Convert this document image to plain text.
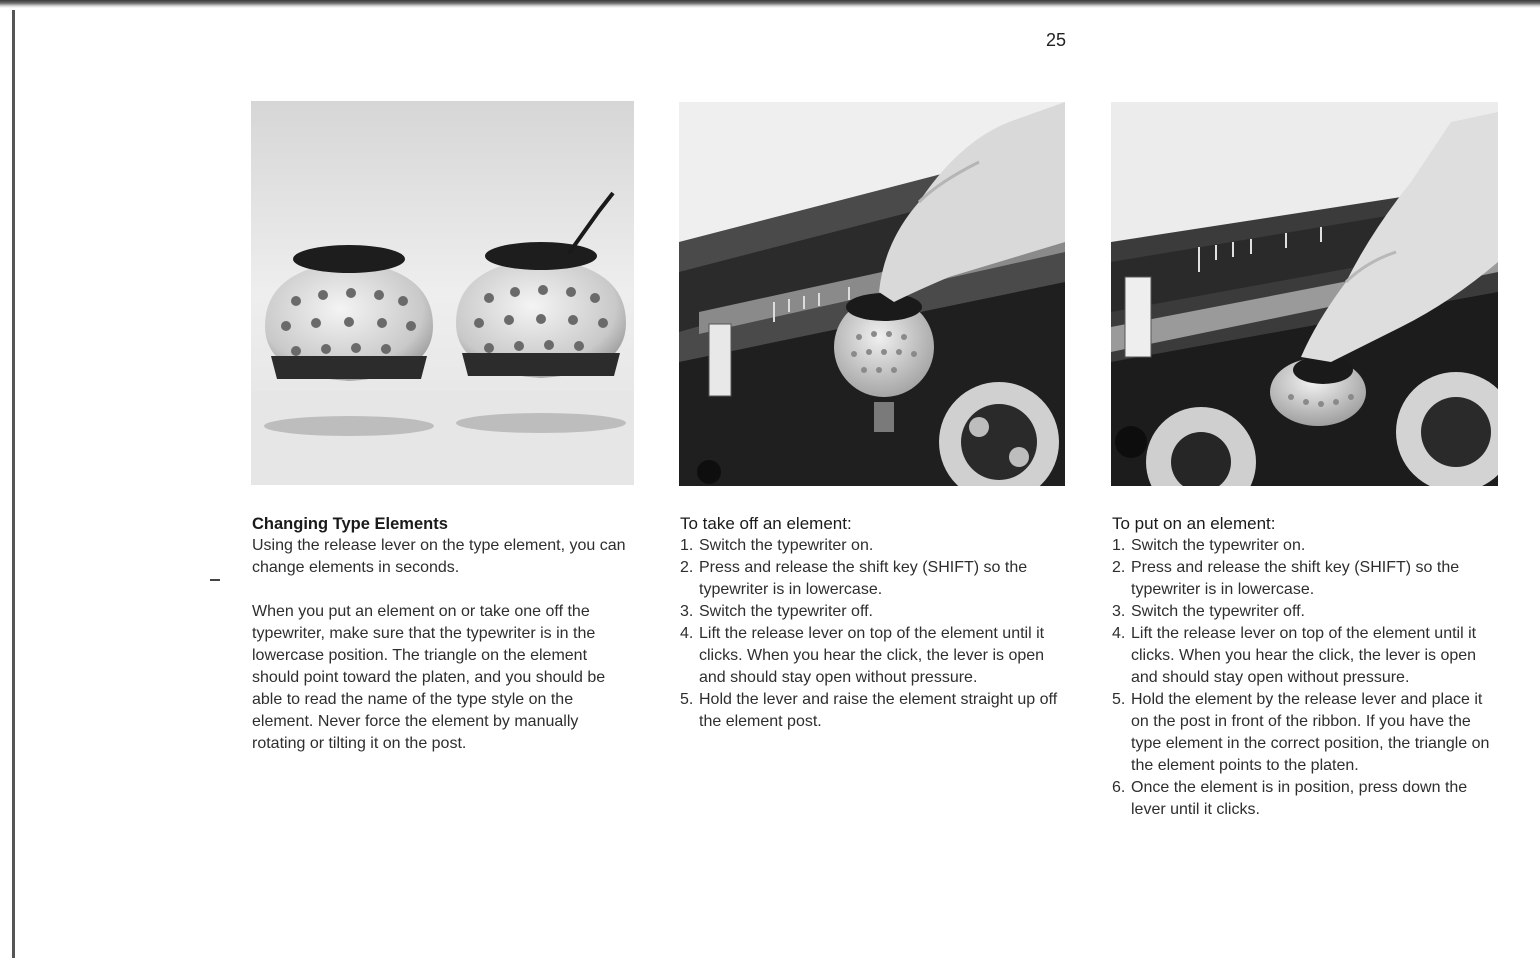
25
Changing Type Elements

Using the release lever on the type element, you can change elements in seconds.

When you put an element on or take one off the typewriter, make sure that the typewriter is in the lowercase position. The triangle on the element should point toward the platen, and you should be able to read the name of the type style on the element. Never force the element by manually rotating or tilting it on the post.

To take off an element:
1. Switch the typewriter on.
2. Press and release the shift key (SHIFT) so the typewriter is in lowercase.
3. Switch the typewriter off.
4. Lift the release lever on top of the element until it clicks. When you hear the click, the lever is open and should stay open without pressure.
5. Hold the lever and raise the element straight up off the element post.
To put on an element:
1. Switch the typewriter on.
2. Press and release the shift key (SHIFT) so the typewriter is in lowercase.
3. Switch the typewriter off.
4. Lift the release lever on top of the element until it clicks. When you hear the click, the lever is open and should stay open without pressure.
5. Hold the element by the release lever and place it on the post in front of the ribbon. If you have the type element in the correct position, the triangle on the element points to the platen.
6. Once the element is in position, press down the lever until it clicks.
